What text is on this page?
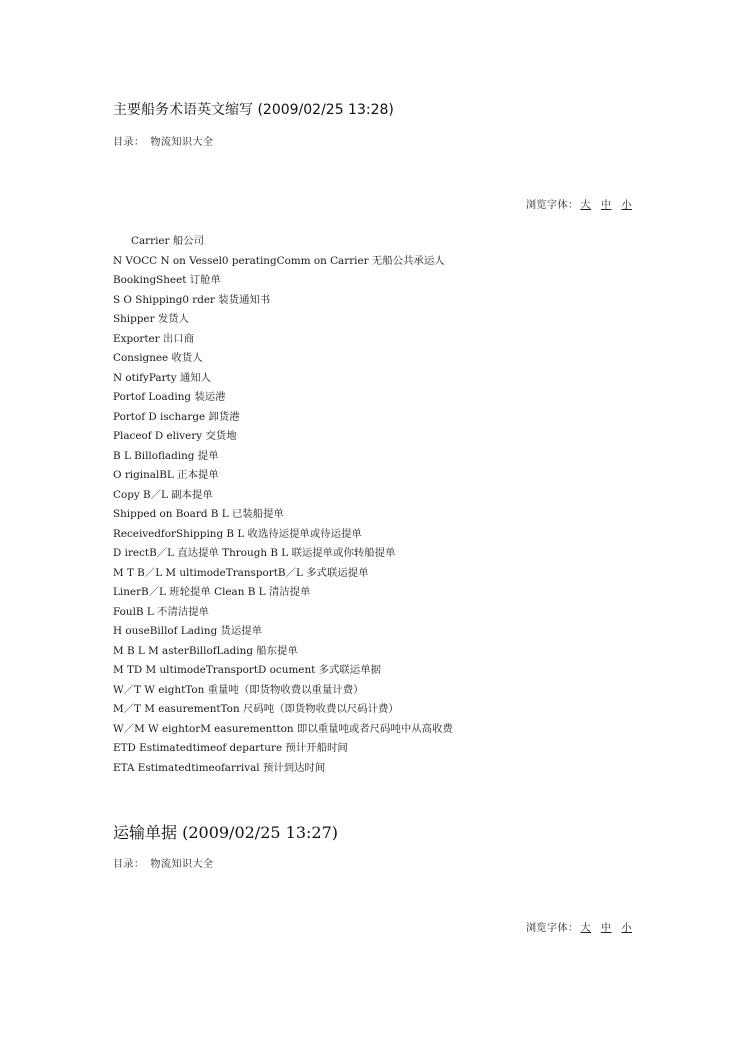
主要船务术语英文缩写 (2009/02/25 13:28)
目录： 物流知识大全
浏览字体： 大 中 小
Carrier 船公司
N VOCC N on Vessel0 peratingComm on Carrier 无船公共承运人
BookingSheet 订舱单
S O Shipping0 rder 装货通知书
Shipper 发货人
Exporter 出口商
Consignee 收货人
N otifyParty 通知人
Portof Loading 装运港
Portof D ischarge 卸货港
Placeof D elivery 交货地
B L Billoflading 提单
O riginalBL 正本提单
Copy B／L 副本提单
Shipped on Board B L 已装船提单
ReceivedforShipping B L 收选待运提单或待运提单
D irectB／L 直达提单 Through B L 联运提单或你转船提单
M T B／L M ultimodeTransportB／L 多式联运提单
LinerB／L 班轮提单 Clean B L 清洁提单
FoulB L 不清洁提单
H ouseBillof Lading 货运提单
M B L M asterBillofLading 船东提单
M TD M ultimodeTransportD ocument 多式联运单据
W／T W eightTon 重量吨（即货物收费以重量计费）
M／T M easurementTon 尺码吨（即货物收费以尺码计费）
W／M W eightorM easurementton 即以重量吨或者尺码吨中从高收费
ETD Estimatedtimeof departure 预计开船时间
ETA Estimatedtimeofarrival 预计到达时间
运输单据 (2009/02/25 13:27)
目录： 物流知识大全
浏览字体： 大 中 小
